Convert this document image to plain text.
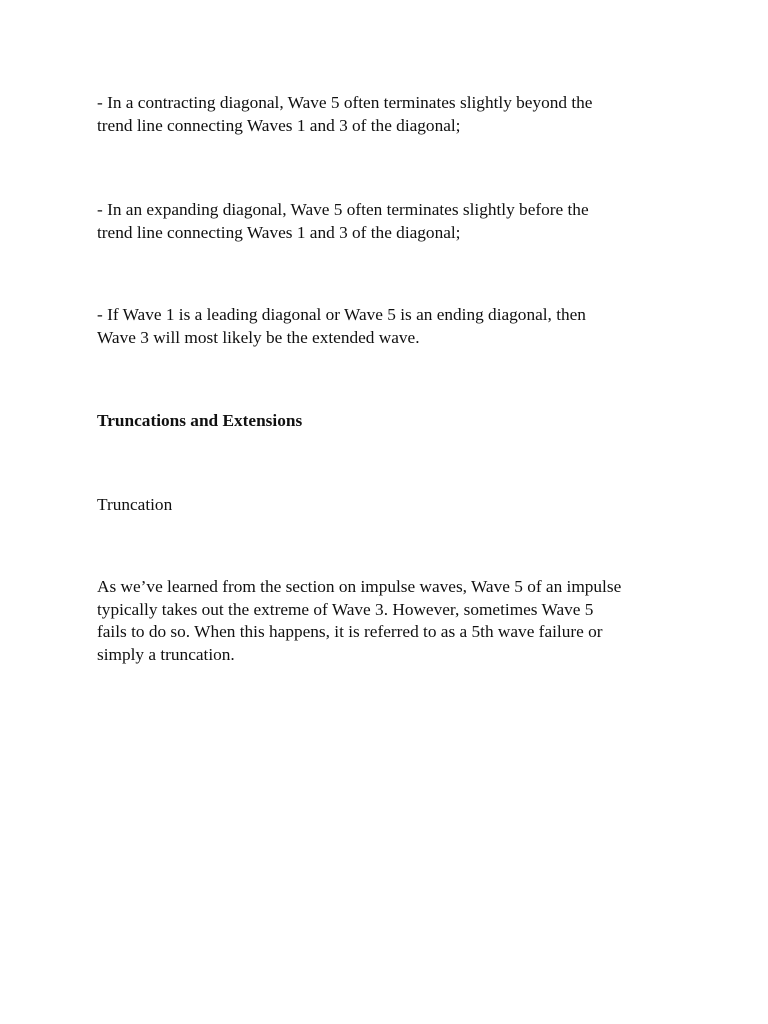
- In a contracting diagonal, Wave 5 often terminates slightly beyond the
trend line connecting Waves 1 and 3 of the diagonal;

- In an expanding diagonal, Wave 5 often terminates slightly before the
trend line connecting Waves 1 and 3 of the diagonal;

- If Wave 1 is a leading diagonal or Wave 5 is an ending diagonal, then
Wave 3 will most likely be the extended wave.

Truncations and Extensions

Truncation

As we’ve learned from the section on impulse waves, Wave 5 of an impulse
typically takes out the extreme of Wave 3. However, sometimes Wave 5
fails to do so. When this happens, it is referred to as a 5th wave failure or
simply a truncation.
